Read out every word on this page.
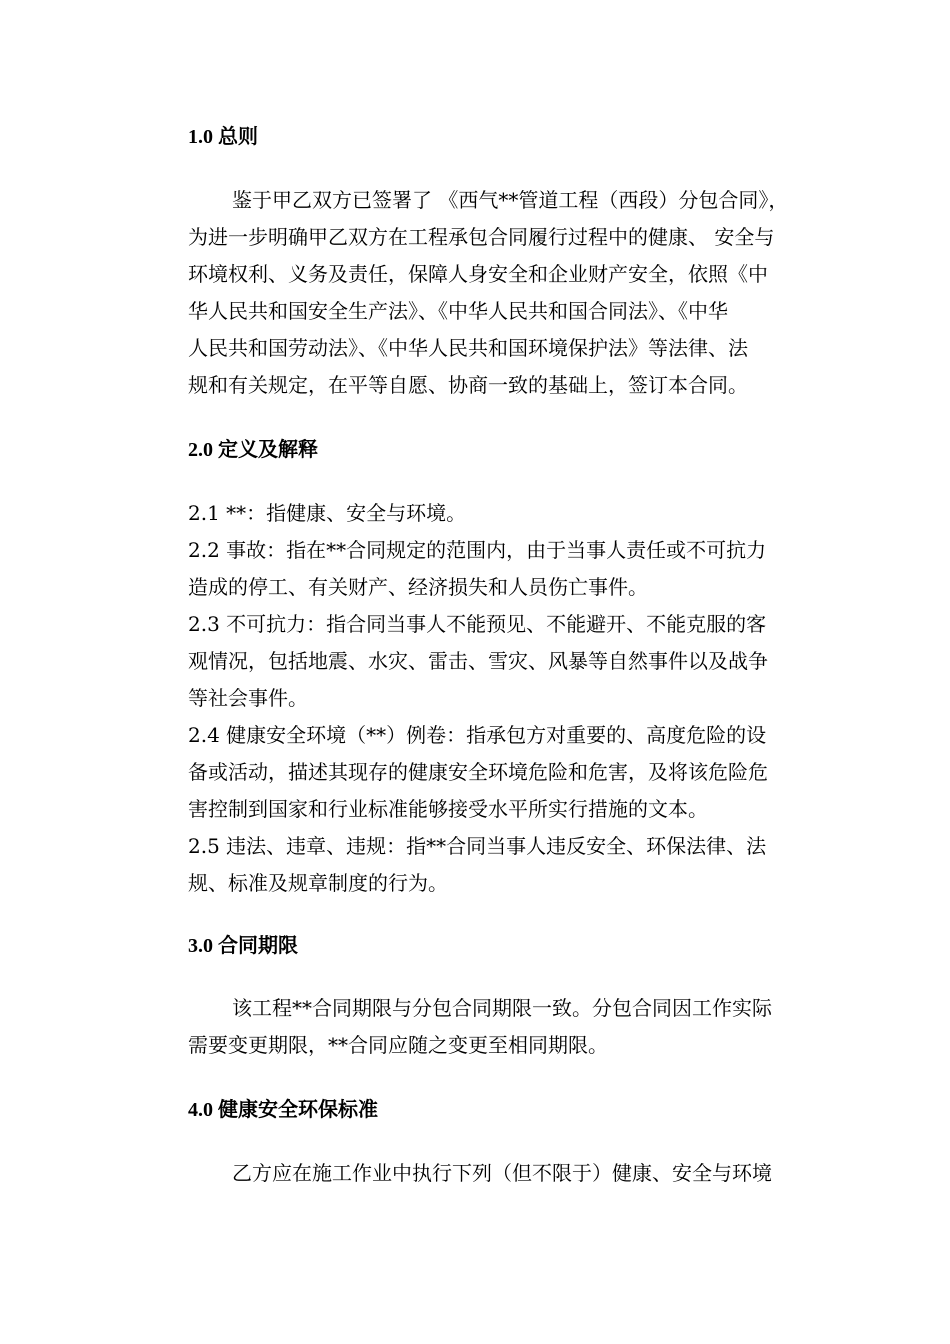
1.0 总则
鉴于甲乙双方已签署了 《西气**管道工程（西段）分包合同》，
为进一步明确甲乙双方在工程承包合同履行过程中的健康、 安全与
环境权利、义务及责任，保障人身安全和企业财产安全，依照《中
华人民共和国安全生产法》、《中华人民共和国合同法》、《中华
人民共和国劳动法》、《中华人民共和国环境保护法》等法律、法
规和有关规定，在平等自愿、协商一致的基础上，签订本合同。
2.0 定义及解释
2.1 **：指健康、安全与环境。
2.2 事故：指在**合同规定的范围内，由于当事人责任或不可抗力
造成的停工、有关财产、经济损失和人员伤亡事件。
2.3 不可抗力：指合同当事人不能预见、不能避开、不能克服的客
观情况，包括地震、水灾、雷击、雪灾、风暴等自然事件以及战争
等社会事件。
2.4 健康安全环境（**）例卷：指承包方对重要的、高度危险的设
备或活动，描述其现存的健康安全环境危险和危害，及将该危险危
害控制到国家和行业标准能够接受水平所实行措施的文本。
2.5 违法、违章、违规：指**合同当事人违反安全、环保法律、法
规、标准及规章制度的行为。
3.0 合同期限
该工程**合同期限与分包合同期限一致。分包合同因工作实际
需要变更期限，**合同应随之变更至相同期限。
4.0 健康安全环保标准
乙方应在施工作业中执行下列（但不限于）健康、安全与环境
